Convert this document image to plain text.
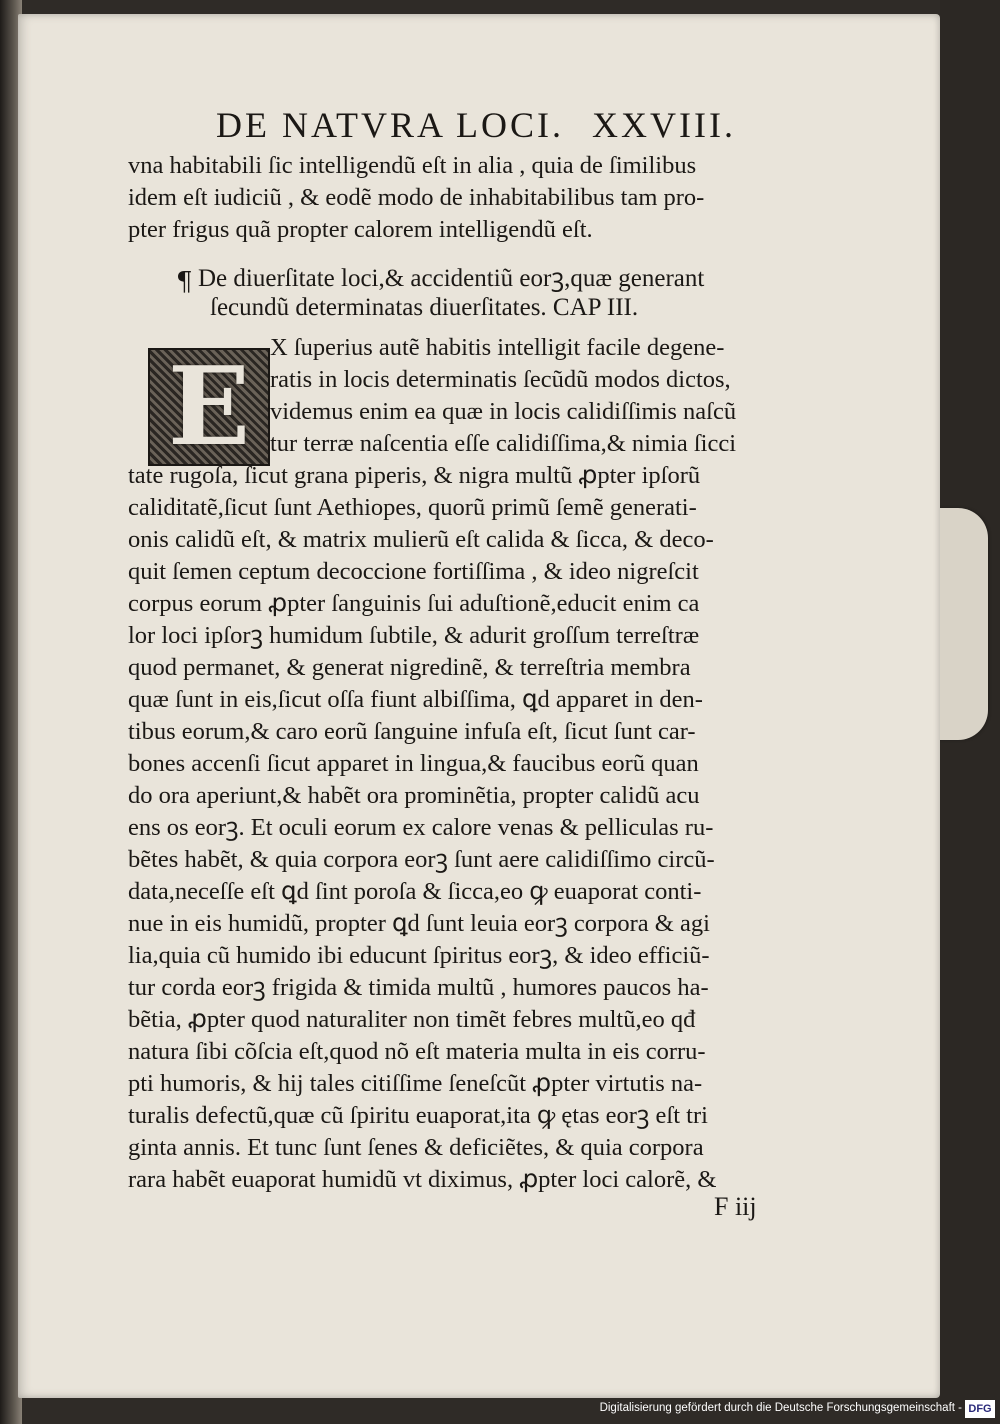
DE NATVRA LOCI. XXVIII.
vna habitabili ſic intelligendũ eſt in alia , quia de ſimilibus
idem eſt iudiciũ , & eodẽ modo de inhabitabilibus tam pro-
pter frigus quã propter calorem intelligendũ eſt.
¶ De diuerſitate loci,& accidentiũ eorꝫ,quæ generant
ſecundũ determinatas diuerſitates. CAP III.
E X ſuperius autẽ habitis intelligit facile degene-
ratis in locis determinatis ſecũdũ modos dictos,
videmus enim ea quæ in locis calidiſſimis naſcũ
tur terræ naſcentia eſſe calidiſſima,& nimia ſicci
tate rugoſa, ſicut grana piperis, & nigra multũ ꝓpter ipſorũ
caliditatẽ,ſicut ſunt Aethiopes, quorũ primũ ſemẽ generati-
onis calidũ eſt, & matrix mulierũ eſt calida & ſicca, & deco-
quit ſemen ceptum decoccione fortiſſima , & ideo nigreſcit
corpus eorum ꝓpter ſanguinis ſui aduſtionẽ,educit enim ca
lor loci ipſorꝫ humidum ſubtile, & adurit groſſum terreſtræ
quod permanet, & generat nigredinẽ, & terreſtria membra
quæ ſunt in eis,ſicut oſſa fiunt albiſſima, ꝗd apparet in den-
tibus eorum,& caro eorũ ſanguine infuſa eſt, ſicut ſunt car-
bones accenſi ſicut apparet in lingua,& faucibus eorũ quan
do ora aperiunt,& habẽt ora prominẽtia, propter calidũ acu
ens os eorꝫ. Et oculi eorum ex calore venas & pelliculas ru-
bẽtes habẽt, & quia corpora eorꝫ ſunt aere calidiſſimo circũ-
data,neceſſe eſt ꝗd ſint poroſa & ſicca,eo ꝙ euaporat conti-
nue in eis humidũ, propter ꝗd ſunt leuia eorꝫ corpora & agi
lia,quia cũ humido ibi educunt ſpiritus eorꝫ, & ideo efficiũ-
tur corda eorꝫ frigida & timida multũ , humores paucos ha-
bẽtia, ꝓpter quod naturaliter non timẽt febres multũ,eo qđ
natura ſibi cõſcia eſt,quod nõ eſt materia multa in eis corru-
pti humoris, & hij tales citiſſime ſeneſcũt ꝓpter virtutis na-
turalis defectũ,quæ cũ ſpiritu euaporat,ita ꝙ ętas eorꝫ eſt tri
ginta annis. Et tunc ſunt ſenes & deficiẽtes, & quia corpora
rara habẽt euaporat humidũ vt diximus, ꝓpter loci calorẽ, &
F iij
Digitalisierung gefördert durch die Deutsche Forschungsgemeinschaft - DFG
